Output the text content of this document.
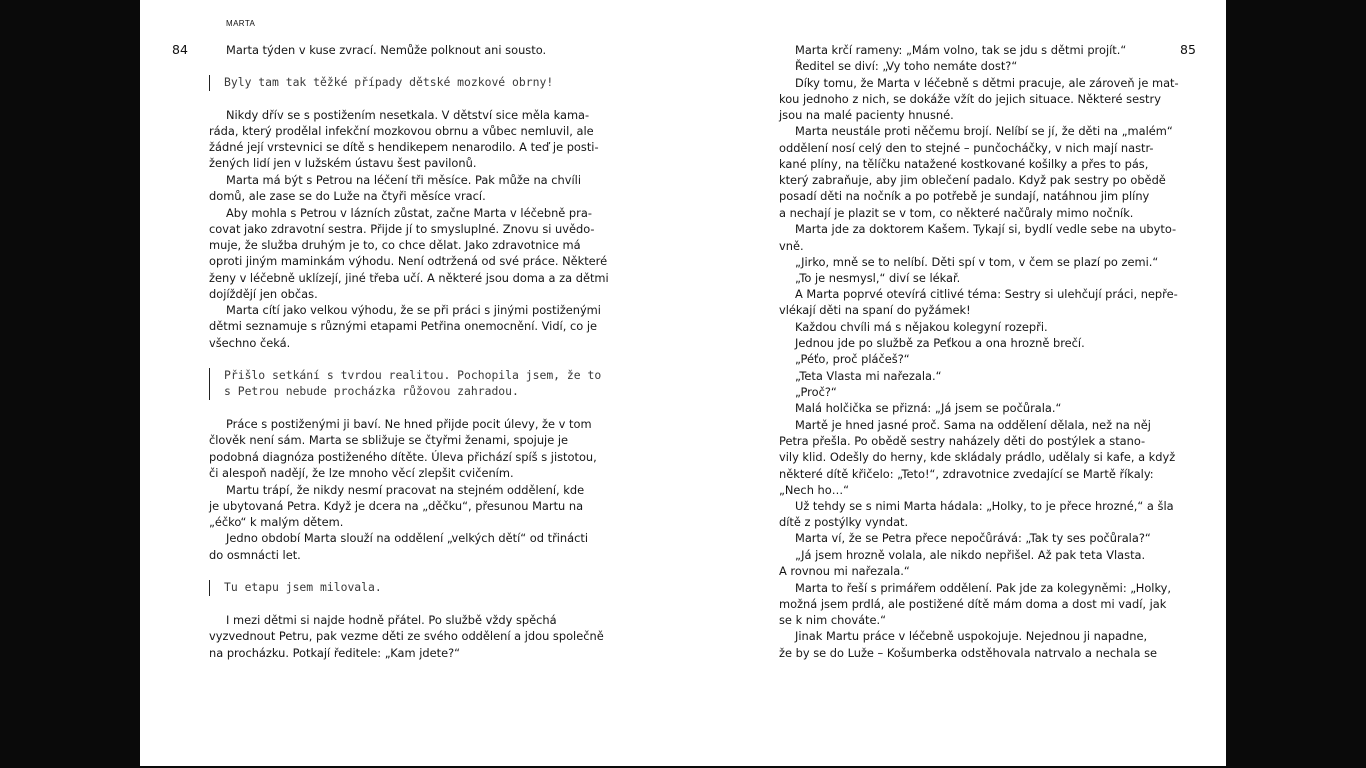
MARTA
84	85
Marta týden v kuse zvrací. Nemůže polknout ani sousto.
Nikdy dřív se s postižením nesetkala. V dětství sice měla kama-
ráda, který prodělal infekční mozkovou obrnu a vůbec nemluvil, ale
žádné její vrstevnici se dítě s hendikepem nenarodilo. A teď je posti-
žených lidí jen v lužském ústavu šest pavilonů.
Marta má být s Petrou na léčení tři měsíce. Pak může na chvíli
domů, ale zase se do Luže na čtyři měsíce vrací.
Aby mohla s Petrou v lázních zůstat, začne Marta v léčebně pra-
covat jako zdravotní sestra. Přijde jí to smysluplné. Znovu si uvědo-
muje, že služba druhým je to, co chce dělat. Jako zdravotnice má
oproti jiným maminkám výhodu. Není odtržená od své práce. Některé
ženy v léčebně uklízejí, jiné třeba učí. A některé jsou doma a za dětmi
dojíždějí jen občas.
Marta cítí jako velkou výhodu, že se při práci s jinými postiženými
dětmi seznamuje s různými etapami Petřina onemocnění. Vidí, co je
všechno čeká.
Práce s postiženými ji baví. Ne hned přijde pocit úlevy, že v tom
člověk není sám. Marta se sbližuje se čtyřmi ženami, spojuje je
podobná diagnóza postiženého dítěte. Úleva přichází spíš s jistotou,
či alespoň nadějí, že lze mnoho věcí zlepšit cvičením.
Martu trápí, že nikdy nesmí pracovat na stejném oddělení, kde
je ubytovaná Petra. Když je dcera na „děčku“, přesunou Martu na
„éčko“ k malým dětem.
Jedno období Marta slouží na oddělení „velkých dětí“ od třinácti
do osmnácti let.
I mezi dětmi si najde hodně přátel. Po službě vždy spěchá
vyzvednout Petru, pak vezme děti ze svého oddělení a jdou společně
na procházku. Potkají ředitele: „Kam jdete?“
Byly tam tak těžké případy dětské mozkové obrny!
Přišlo setkání s tvrdou realitou. Pochopila jsem, že to
s Petrou nebude procházka růžovou zahradou.
Tu etapu jsem milovala.
Marta krčí rameny: „Mám volno, tak se jdu s dětmi projít.“
Ředitel se diví: „Vy toho nemáte dost?“
Díky tomu, že Marta v léčebně s dětmi pracuje, ale zároveň je mat-
kou jednoho z nich, se dokáže vžít do jejich situace. Některé sestry
jsou na malé pacienty hnusné.
Marta neustále proti něčemu brojí. Nelíbí se jí, že děti na „malém“
oddělení nosí celý den to stejné – punčocháčky, v nich mají nastr-
kané plíny, na tělíčku natažené kostkované košilky a přes to pás,
který zabraňuje, aby jim oblečení padalo. Když pak sestry po obědě
posadí děti na nočník a po potřebě je sundají, natáhnou jim plíny
a nechají je plazit se v tom, co některé načůraly mimo nočník.
Marta jde za doktorem Kašem. Tykají si, bydlí vedle sebe na ubyto-
vně.
„Jirko, mně se to nelíbí. Děti spí v tom, v čem se plazí po zemi.“
„To je nesmysl,“ diví se lékař.
A Marta poprvé otevírá citlivé téma: Sestry si ulehčují práci, nepře-
vlékají děti na spaní do pyžámek!
Každou chvíli má s nějakou kolegyní rozepři.
Jednou jde po službě za Peťkou a ona hrozně brečí.
„Péťo, proč pláčeš?“
„Teta Vlasta mi nařezala.“
„Proč?“
Malá holčička se přizná: „Já jsem se počůrala.“
Martě je hned jasné proč. Sama na oddělení dělala, než na něj
Petra přešla. Po obědě sestry naházely děti do postýlek a stano-
vily klid. Odešly do herny, kde skládaly prádlo, udělaly si kafe, a když
některé dítě křičelo: „Teto!“, zdravotnice zvedající se Martě říkaly:
„Nech ho…“
Už tehdy se s nimi Marta hádala: „Holky, to je přece hrozné,“ a šla
dítě z postýlky vyndat.
Marta ví, že se Petra přece nepočůrává: „Tak ty ses počůrala?“
„Já jsem hrozně volala, ale nikdo nepřišel. Až pak teta Vlasta.
A rovnou mi nařezala.“
Marta to řeší s primářem oddělení. Pak jde za kolegyněmi: „Holky,
možná jsem prdlá, ale postižené dítě mám doma a dost mi vadí, jak
se k nim chováte.“
Jinak Martu práce v léčebně uspokojuje. Nejednou ji napadne,
že by se do Luže – Košumberka odstěhovala natrvalo a nechala se
